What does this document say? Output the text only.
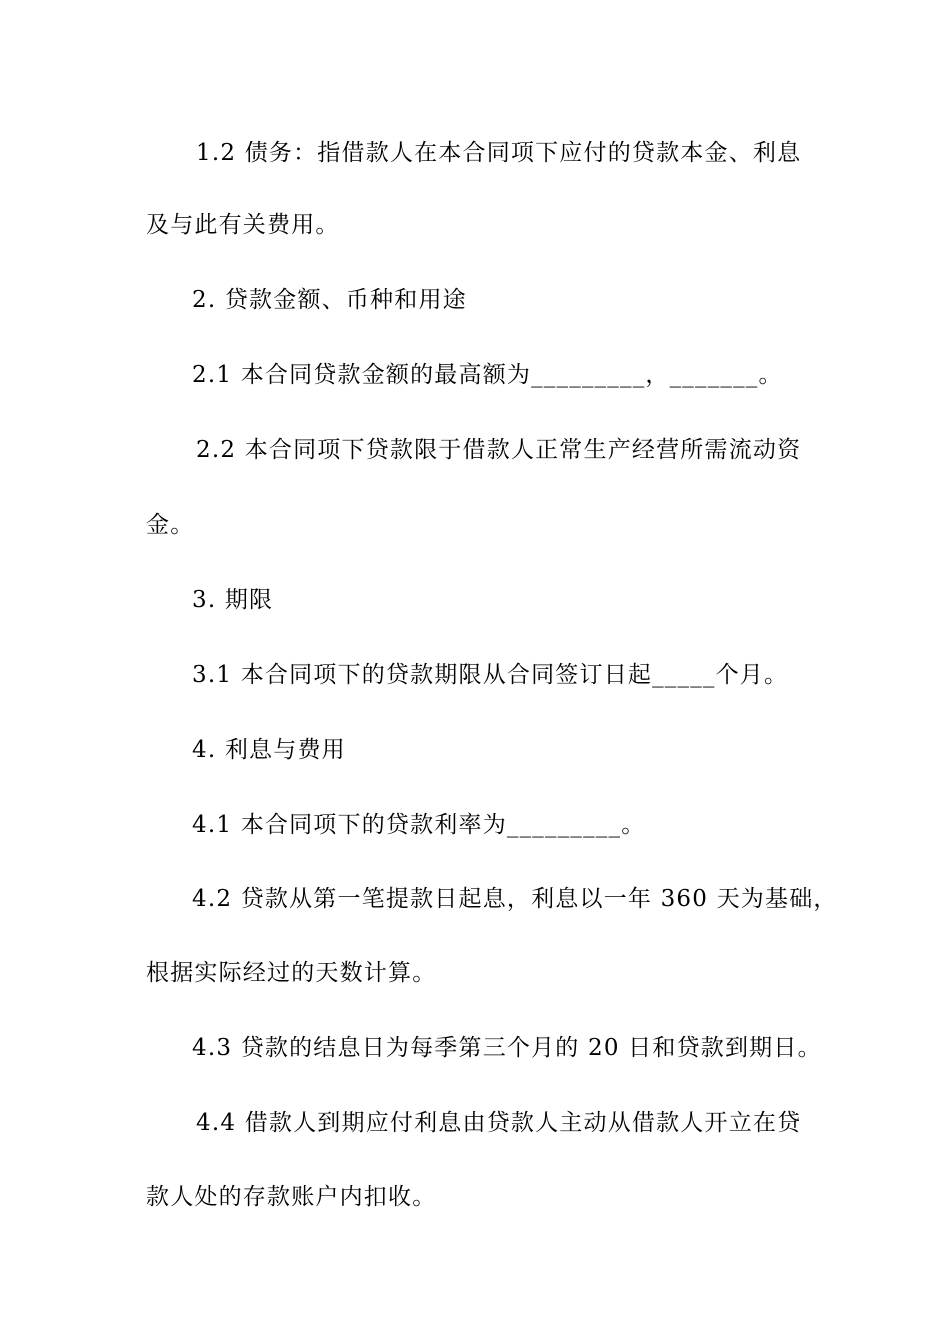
1.2 债务：指借款人在本合同项下应付的贷款本金、利息
及与此有关费用。
2. 贷款金额、币种和用途
2.1 本合同贷款金额的最高额为_________，_______。
2.2 本合同项下贷款限于借款人正常生产经营所需流动资
金。
3. 期限
3.1 本合同项下的贷款期限从合同签订日起_____个月。
4. 利息与费用
4.1 本合同项下的贷款利率为_________。
4.2 贷款从第一笔提款日起息，利息以一年 360 天为基础，
根据实际经过的天数计算。
4.3 贷款的结息日为每季第三个月的 20 日和贷款到期日。
4.4 借款人到期应付利息由贷款人主动从借款人开立在贷
款人处的存款账户内扣收。
